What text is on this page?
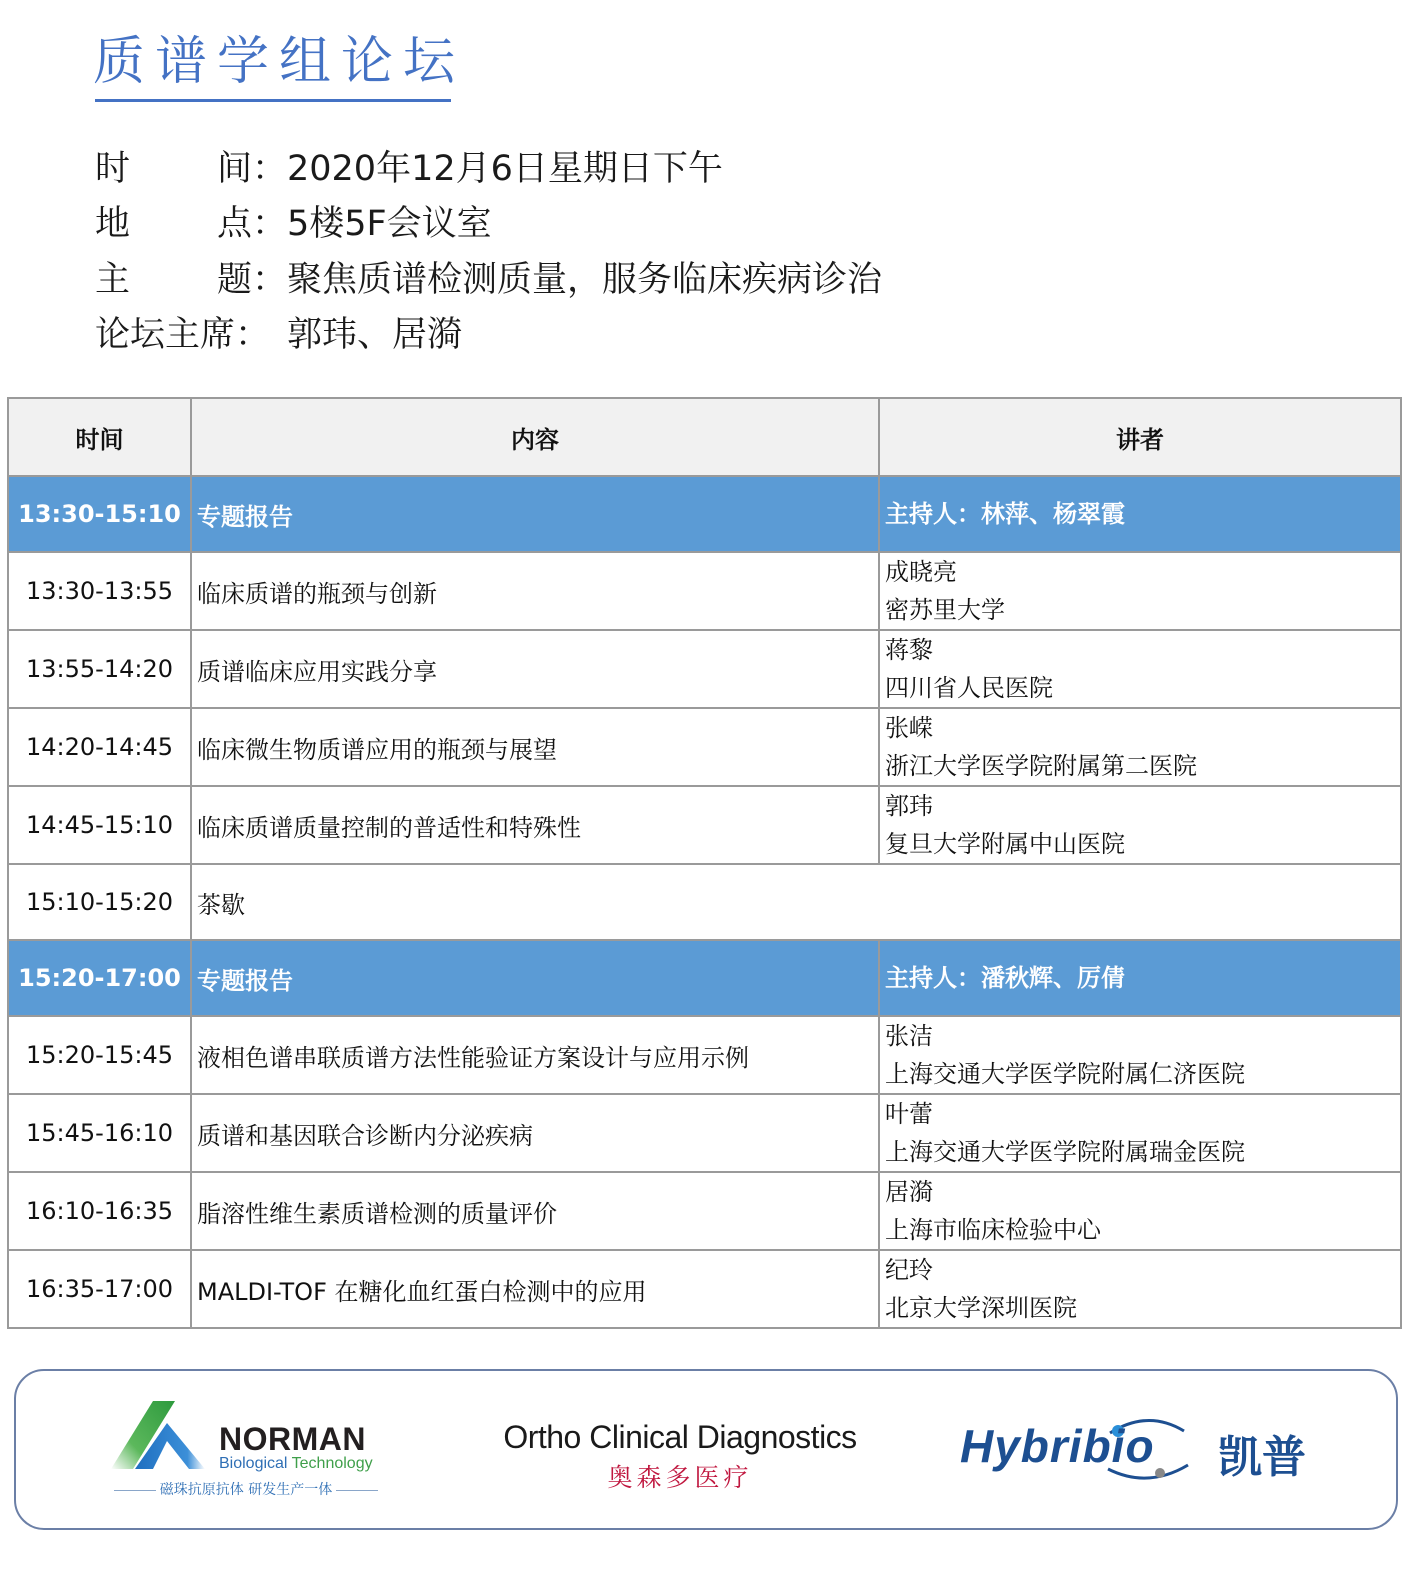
质谱学组论坛
时 间： 2020年12月6日星期日下午
地 点： 5楼5F会议室
主 题： 聚焦质谱检测质量，服务临床疾病诊治
论坛主席： 郭玮、居漪
时间	内容	讲者
13:30-15:10	专题报告	主持人：林萍、杨翠霞
13:30-13:55	临床质谱的瓶颈与创新	成晓亮
密苏里大学

13:55-14:20	质谱临床应用实践分享	蒋黎
四川省人民医院

14:20-14:45	临床微生物质谱应用的瓶颈与展望	张嵘
浙江大学医学院附属第二医院

14:45-15:10	临床质谱质量控制的普适性和特殊性	郭玮
复旦大学附属中山医院

15:10-15:20	茶歇	
15:20-17:00	专题报告	主持人：潘秋辉、厉倩
15:20-15:45	液相色谱串联质谱方法性能验证方案设计与应用示例	张洁
上海交通大学医学院附属仁济医院

15:45-16:10	质谱和基因联合诊断内分泌疾病	叶蕾
上海交通大学医学院附属瑞金医院

16:10-16:35	脂溶性维生素质谱检测的质量评价	居漪
上海市临床检验中心

16:35-17:00	MALDI-TOF 在糖化血红蛋白检测中的应用	纪玲
北京大学深圳医院
NORMAN
Biological Technology
磁珠抗原抗体 研发生产一体
Ortho Clinical Diagnostics
奥森多医疗
Hybribio 凯普
